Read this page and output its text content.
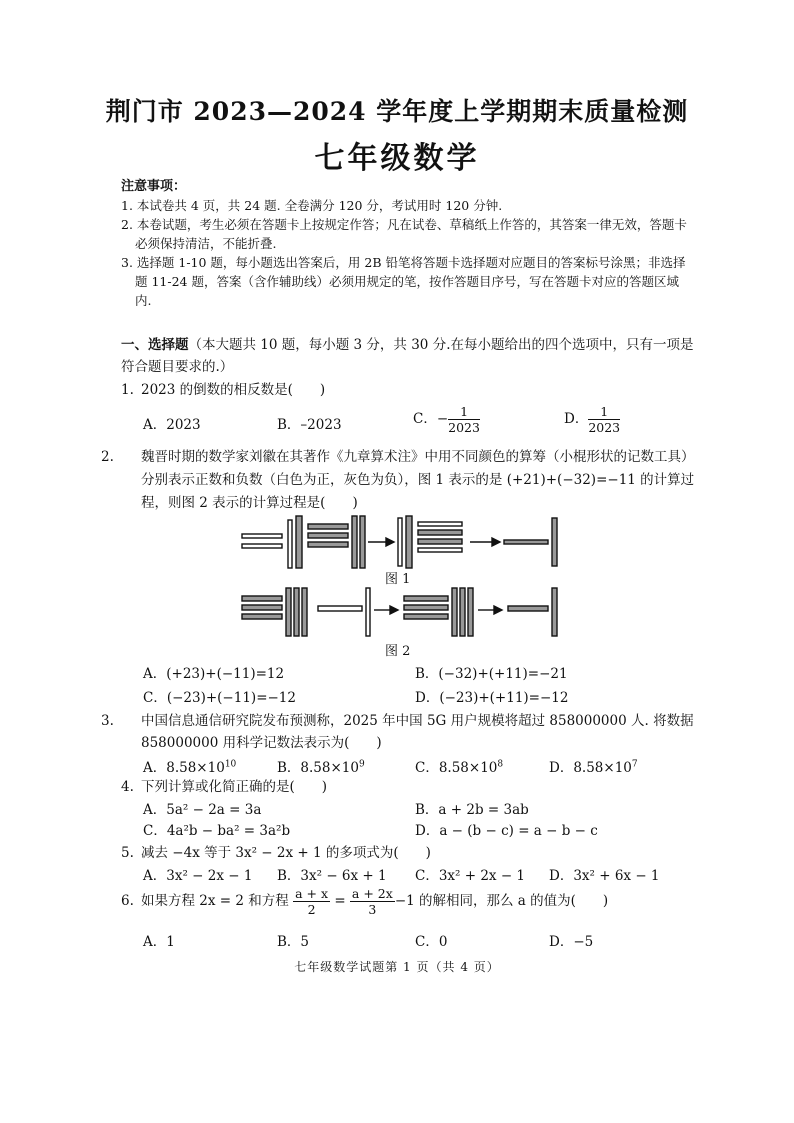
荆门市 2023—2024 学年度上学期期末质量检测
七年级数学
注意事项：
1. 本试卷共 4 页，共 24 题. 全卷满分 120 分，考试用时 120 分钟.
2. 本卷试题，考生必须在答题卡上按规定作答；凡在试卷、草稿纸上作答的，其答案一律无效，答题卡必须保持清洁，不能折叠.
3. 选择题 1-10 题，每小题选出答案后，用 2B 铅笔将答题卡选择题对应题目的答案标号涂黑；非选择题 11-24 题，答案（含作辅助线）必须用规定的笔，按作答题目序号，写在答题卡对应的答题区域内.
一、选择题（本大题共 10 题，每小题 3 分，共 30 分.在每小题给出的四个选项中，只有一项是符合题目要求的.）
1. 2023 的倒数的相反数是(　　)
A．2023	B．–2023	C．− $\frac{1}{2023}$	D． $\frac{1}{2023}$
2. 魏晋时期的数学家刘徽在其著作《九章算术注》中用不同颜色的算筹（小棍形状的记数工具）分别表示正数和负数（白色为正，灰色为负），图 1 表示的是 (+21)+(−32)=−11 的计算过程，则图 2 表示的计算过程是(　　)
图 1
图 2
A．(+23)+(−11)=12	B．(−32)+(+11)=−21
C．(−23)+(−11)=−12	D．(−23)+(+11)=−12
3. 中国信息通信研究院发布预测称，2025 年中国 5G 用户规模将超过 858000000 人. 将数据 858000000 用科学记数法表示为(　　)
A．$8.58\times 10^{10}$	B．$8.58\times 10^9$	C．$8.58\times 10^8$	D．$8.58\times 10^7$
4. 下列计算或化简正确的是(　　)
A．5a² − 2a = 3a	B．a + 2b = 3ab
C．4a²b − ba² = 3a²b	D．a − (b − c) = a − b − c
5. 减去 −4x 等于 3x² − 2x + 1 的多项式为(　　)
A．3x² − 2x − 1 B．3x² − 6x + 1 C．3x² + 2x − 1 D．3x² + 6x − 1
6. 如果方程 2x = 2 和方程 $\frac{a + x}{2} = \frac{a + 2x}{3} -1$ 的解相同，那么 a 的值为(　　)
A．1	B．5	C．0	D．−5
七年级数学试题第 1 页（共 4 页）
